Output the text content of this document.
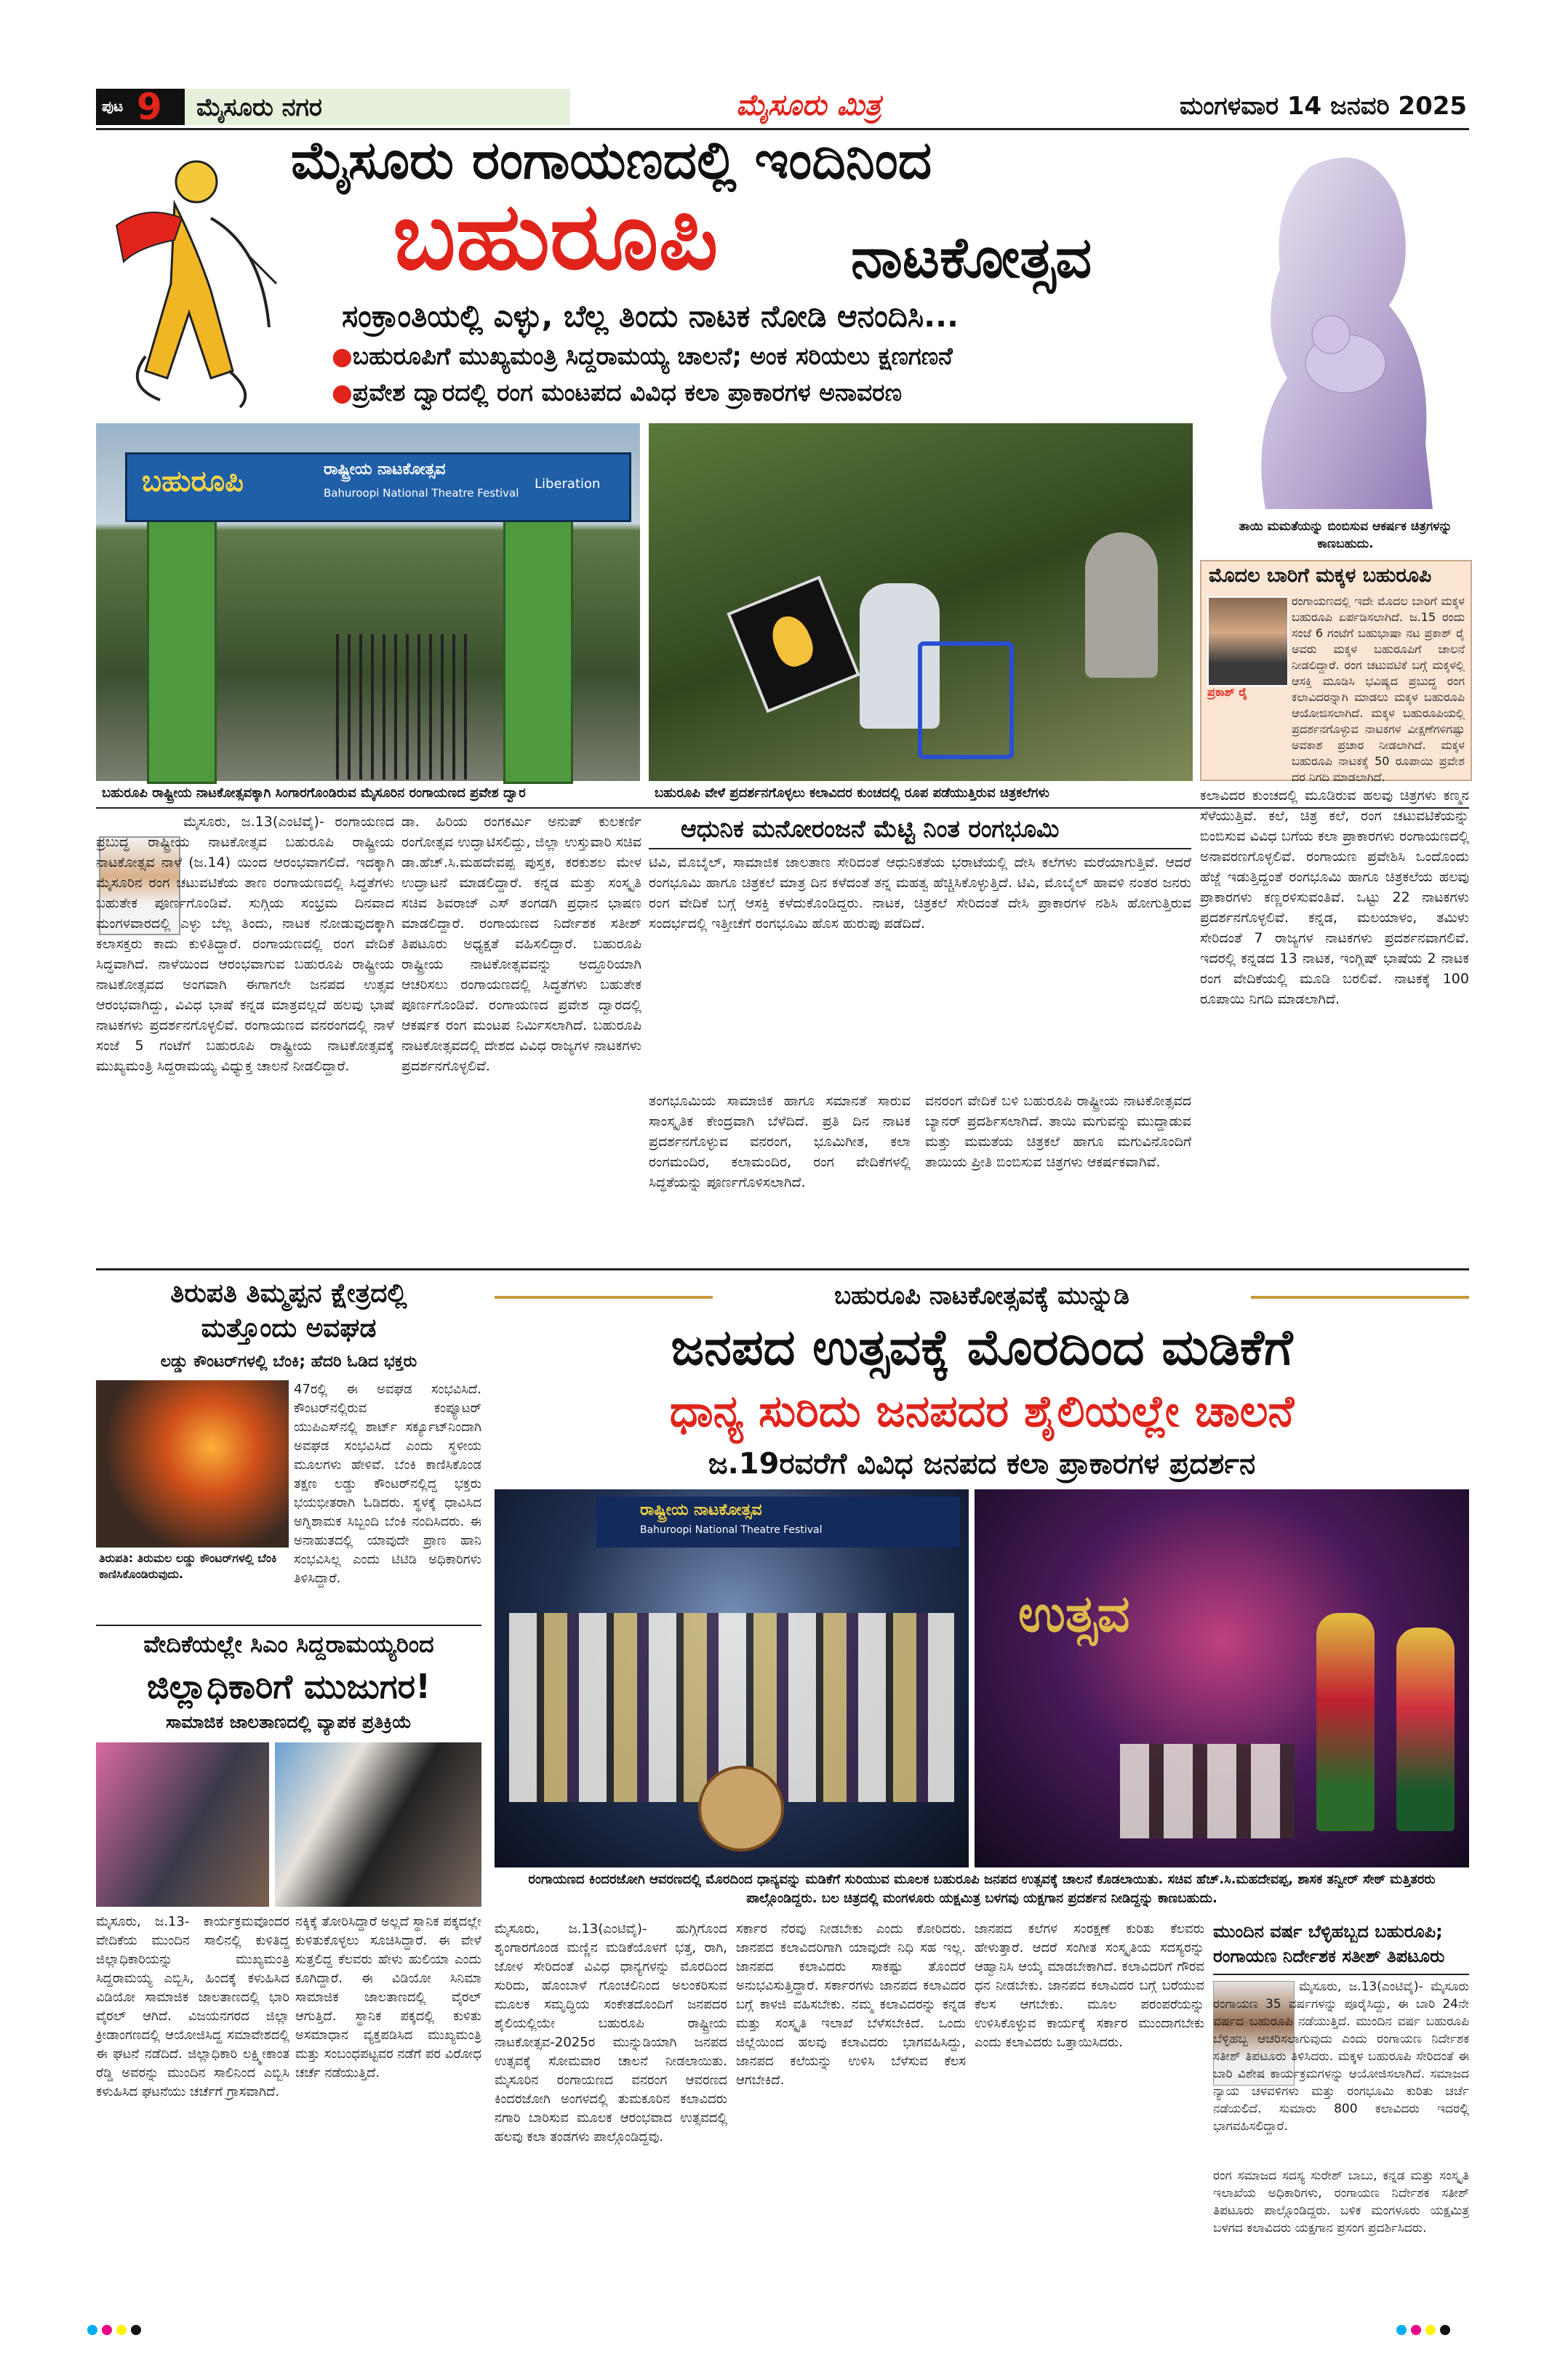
ಪುಟ 9 ಮೈಸೂರು ನಗರ	ಮೈಸೂರು ಮಿತ್ರ	ಮಂಗಳವಾರ 14 ಜನವರಿ 2025
ಮೈಸೂರು ರಂಗಾಯಣದಲ್ಲಿ ಇಂದಿನಿಂದ
ಬಹುರೂಪಿ ನಾಟಕೋತ್ಸವ
ಸಂಕ್ರಾಂತಿಯಲ್ಲಿ ಎಳ್ಳು, ಬೆಲ್ಲ ತಿಂದು ನಾಟಕ ನೋಡಿ ಆನಂದಿಸಿ...
●ಬಹುರೂಪಿಗೆ ಮುಖ್ಯಮಂತ್ರಿ ಸಿದ್ದರಾಮಯ್ಯ ಚಾಲನೆ; ಅಂಕ ಸರಿಯಲು ಕ್ಷಣಗಣನೆ
●ಪ್ರವೇಶ ದ್ವಾರದಲ್ಲಿ ರಂಗ ಮಂಟಪದ ವಿವಿಧ ಕಲಾ ಪ್ರಾಕಾರಗಳ ಅನಾವರಣ
ತಾಯಿ ಮಮತೆಯನ್ನು ಬಿಂಬಿಸುವ ಆಕರ್ಷಕ ಚಿತ್ರಗಳನ್ನು ಕಾಣಬಹುದು.
ಬಹುರೂಪಿ	ರಾಷ್ಟ್ರೀಯ ನಾಟಕೋತ್ಸವ
Bahuroopi National Theatre Festival
Liberation
ಬಹುರೂಪಿ ರಾಷ್ಟ್ರೀಯ ನಾಟಕೋತ್ಸವಕ್ಕಾಗಿ ಸಿಂಗಾರಗೊಂಡಿರುವ ಮೈಸೂರಿನ ರಂಗಾಯಣದ ಪ್ರವೇಶ ದ್ವಾರ	ಬಹುರೂಪಿ ವೇಳೆ ಪ್ರದರ್ಶನಗೊಳ್ಳಲು ಕಲಾವಿದರ ಕುಂಚದಲ್ಲಿ ರೂಪ ಪಡೆಯುತ್ತಿರುವ ಚಿತ್ರಕಲೆಗಳು
ಮೊದಲ ಬಾರಿಗೆ ಮಕ್ಕಳ ಬಹುರೂಪಿ
ಪ್ರಕಾಶ್ ರೈ
ರಂಗಾಯಣದಲ್ಲಿ ಇದೇ ಮೊದಲ ಬಾರಿಗೆ ಮಕ್ಕಳ ಬಹುರೂಪಿ ಏರ್ಪಡಿಸಲಾಗಿದೆ. ಜ.15 ರಂದು ಸಂಜೆ 6 ಗಂಟೆಗೆ ಬಹುಭಾಷಾ ನಟ ಪ್ರಕಾಶ್ ರೈ ಅವರು ಮಕ್ಕಳ ಬಹುರೂಪಿಗೆ ಚಾಲನೆ ನೀಡಲಿದ್ದಾರೆ. ರಂಗ ಚಟುವಟಿಕೆ ಬಗ್ಗೆ ಮಕ್ಕಳಲ್ಲಿ ಆಸಕ್ತಿ ಮೂಡಿಸಿ ಭವಿಷ್ಯದ ಪ್ರಬುದ್ಧ ರಂಗ ಕಲಾವಿದರನ್ನಾಗಿ ಮಾಡಲು ಮಕ್ಕಳ ಬಹುರೂಪಿ ಆಯೋಜಿಸಲಾಗಿದೆ. ಮಕ್ಕಳ ಬಹುರೂಪಿಯಲ್ಲಿ ಪ್ರದರ್ಶನಗೊಳ್ಳುವ ನಾಟಕಗಳ ವೀಕ್ಷಣೆಗಳಿಗಷ್ಟು ಅವಕಾಶ ಪ್ರಚಾರ ನೀಡಲಾಗಿದೆ. ಮಕ್ಕಳ ಬಹುರೂಪಿ ನಾಟಕಕ್ಕೆ 50 ರೂಪಾಯಿ ಪ್ರವೇಶ ದರ ನಿಗದಿ ಮಾಡಲಾಗಿದೆ.
ಮೈಸೂರು, ಜ.13(ಎಂಟಿವೈ)- ರಂಗಾಯಣದ ಪ್ರಬುದ್ಧ ರಾಷ್ಟ್ರೀಯ ನಾಟಕೋತ್ಸವ ಬಹುರೂಪಿ ರಾಷ್ಟ್ರೀಯ ನಾಟಕೋತ್ಸವ ನಾಳೆ (ಜ.14) ಯಿಂದ ಆರಂಭವಾಗಲಿದೆ. ಇದಕ್ಕಾಗಿ ಮೈಸೂರಿನ ರಂಗ ಚಟುವಟಿಕೆಯ ತಾಣ ರಂಗಾಯಣದಲ್ಲಿ ಸಿದ್ಧತೆಗಳು ಬಹುತೇಕ ಪೂರ್ಣಗೊಂಡಿವೆ. ಸುಗ್ಗಿಯ ಸಂಭ್ರಮ ದಿನವಾದ ಮಂಗಳವಾರದಲ್ಲಿ ಎಳ್ಳು ಬೆಲ್ಲ ತಿಂದು, ನಾಟಕ ನೋಡುವುದಕ್ಕಾಗಿ ಕಲಾಸಕ್ತರು ಕಾದು ಕುಳಿತಿದ್ದಾರೆ. ರಂಗಾಯಣದಲ್ಲಿ ರಂಗ ವೇದಿಕೆ ಸಿದ್ಧವಾಗಿದೆ. ನಾಳೆಯಿಂದ ಆರಂಭವಾಗುವ ಬಹುರೂಪಿ ರಾಷ್ಟ್ರೀಯ ನಾಟಕೋತ್ಸವದ ಅಂಗವಾಗಿ ಈಗಾಗಲೇ ಜನಪದ ಉತ್ಸವ ಆರಂಭವಾಗಿದ್ದು, ವಿವಿಧ ಭಾಷೆ ಕನ್ನಡ ಮಾತ್ರವಲ್ಲದೆ ಹಲವು ಭಾಷೆ ನಾಟಕಗಳು ಪ್ರದರ್ಶನಗೊಳ್ಳಲಿವೆ. ರಂಗಾಯಣದ ವನರಂಗದಲ್ಲಿ ನಾಳೆ ಸಂಜೆ 5 ಗಂಟೆಗೆ ಬಹುರೂಪಿ ರಾಷ್ಟ್ರೀಯ ನಾಟಕೋತ್ಸವಕ್ಕೆ ಮುಖ್ಯಮಂತ್ರಿ ಸಿದ್ದರಾಮಯ್ಯ ವಿಧ್ಯುಕ್ತ ಚಾಲನೆ ನೀಡಲಿದ್ದಾರೆ.
ಡಾ. ಹಿರಿಯ ರಂಗಕರ್ಮಿ ಅನುಪ್ ಕುಲಕರ್ಣಿ ರಂಗೋತ್ಸವ ಉದ್ಘಾಟಿಸಲಿದ್ದು, ಜಿಲ್ಲಾ ಉಸ್ತುವಾರಿ ಸಚಿವ ಡಾ.ಹೆಚ್.ಸಿ.ಮಹದೇವಪ್ಪ ಪುಸ್ತಕ, ಕರಕುಶಲ ಮೇಳ ಉದ್ಘಾಟನೆ ಮಾಡಲಿದ್ದಾರೆ. ಕನ್ನಡ ಮತ್ತು ಸಂಸ್ಕೃತಿ ಸಚಿವ ಶಿವರಾಜ್ ಎಸ್ ತಂಗಡಗಿ ಪ್ರಧಾನ ಭಾಷಣ ಮಾಡಲಿದ್ದಾರೆ. ರಂಗಾಯಣದ ನಿರ್ದೇಶಕ ಸತೀಶ್ ತಿಪಟೂರು ಅಧ್ಯಕ್ಷತೆ ವಹಿಸಲಿದ್ದಾರೆ. ಬಹುರೂಪಿ ರಾಷ್ಟ್ರೀಯ ನಾಟಕೋತ್ಸವವನ್ನು ಅದ್ದೂರಿಯಾಗಿ ಆಚರಿಸಲು ರಂಗಾಯಣದಲ್ಲಿ ಸಿದ್ಧತೆಗಳು ಬಹುತೇಕ ಪೂರ್ಣಗೊಂಡಿವೆ. ರಂಗಾಯಣದ ಪ್ರವೇಶ ದ್ವಾರದಲ್ಲಿ ಆಕರ್ಷಕ ರಂಗ ಮಂಟಪ ನಿರ್ಮಿಸಲಾಗಿದೆ. ಬಹುರೂಪಿ ನಾಟಕೋತ್ಸವದಲ್ಲಿ ದೇಶದ ವಿವಿಧ ರಾಜ್ಯಗಳ ನಾಟಕಗಳು ಪ್ರದರ್ಶನಗೊಳ್ಳಲಿವೆ.
ಆಧುನಿಕ ಮನೋರಂಜನೆ ಮೆಟ್ಟಿ ನಿಂತ ರಂಗಭೂಮಿ
ಟಿವಿ, ಮೊಬೈಲ್, ಸಾಮಾಜಿಕ ಜಾಲತಾಣ ಸೇರಿದಂತೆ ಆಧುನಿಕತೆಯ ಭರಾಟೆಯಲ್ಲಿ ದೇಸಿ ಕಲೆಗಳು ಮರೆಯಾಗುತ್ತಿವೆ. ಆದರೆ ರಂಗಭೂಮಿ ಹಾಗೂ ಚಿತ್ರಕಲೆ ಮಾತ್ರ ದಿನ ಕಳೆದಂತೆ ತನ್ನ ಮಹತ್ವ ಹೆಚ್ಚಿಸಿಕೊಳ್ಳುತ್ತಿದೆ. ಟಿವಿ, ಮೊಬೈಲ್ ಹಾವಳಿ ನಂತರ ಜನರು ರಂಗ ವೇದಿಕೆ ಬಗ್ಗೆ ಆಸಕ್ತಿ ಕಳೆದುಕೊಂಡಿದ್ದರು. ನಾಟಕ, ಚಿತ್ರಕಲೆ ಸೇರಿದಂತೆ ದೇಸಿ ಪ್ರಾಕಾರಗಳ ನಶಿಸಿ ಹೋಗುತ್ತಿರುವ ಸಂದರ್ಭದಲ್ಲಿ ಇತ್ತೀಚೆಗೆ ರಂಗಭೂಮಿ ಹೊಸ ಹುರುಪು ಪಡೆದಿದೆ.
ತಂಗಭೂಮಿಯ ಸಾಮಾಜಿಕ ಹಾಗೂ ಸಮಾನತೆ ಸಾರುವ ಸಾಂಸ್ಕೃತಿಕ ಕೇಂದ್ರವಾಗಿ ಬೆಳೆದಿದೆ. ಪ್ರತಿ ದಿನ ನಾಟಕ ಪ್ರದರ್ಶನಗೊಳ್ಳುವ ವನರಂಗ, ಭೂಮಿಗೀತ, ಕಲಾ ರಂಗಮಂದಿರ, ಕಲಾಮಂದಿರ, ರಂಗ ವೇದಿಕೆಗಳಲ್ಲಿ ಸಿದ್ಧತೆಯನ್ನು ಪೂರ್ಣಗೊಳಿಸಲಾಗಿದೆ.
ವನರಂಗ ವೇದಿಕೆ ಬಳಿ ಬಹುರೂಪಿ ರಾಷ್ಟ್ರೀಯ ನಾಟಕೋತ್ಸವದ ಬ್ಯಾನರ್ ಪ್ರದರ್ಶಿಸಲಾಗಿದೆ. ತಾಯಿ ಮಗುವನ್ನು ಮುದ್ದಾಡುವ ಮತ್ತು ಮಮತೆಯ ಚಿತ್ರಕಲೆ ಹಾಗೂ ಮಗುವಿನೊಂದಿಗೆ ತಾಯಿಯ ಪ್ರೀತಿ ಬಿಂಬಿಸುವ ಚಿತ್ರಗಳು ಆಕರ್ಷಕವಾಗಿವೆ.
ಕಲಾವಿದರ ಕುಂಚದಲ್ಲಿ ಮೂಡಿರುವ ಹಲವು ಚಿತ್ರಗಳು ಕಣ್ಮನ ಸೆಳೆಯುತ್ತಿವೆ. ಕಲೆ, ಚಿತ್ರ ಕಲೆ, ರಂಗ ಚಟುವಟಿಕೆಯನ್ನು ಬಿಂಬಿಸುವ ವಿವಿಧ ಬಗೆಯ ಕಲಾ ಪ್ರಾಕಾರಗಳು ರಂಗಾಯಣದಲ್ಲಿ ಅನಾವರಣಗೊಳ್ಳಲಿವೆ. ರಂಗಾಯಣ ಪ್ರವೇಶಿಸಿ ಒಂದೊಂದು ಹೆಜ್ಜೆ ಇಡುತ್ತಿದ್ದಂತೆ ರಂಗಭೂಮಿ ಹಾಗೂ ಚಿತ್ರಕಲೆಯ ಹಲವು ಪ್ರಾಕಾರಗಳು ಕಣ್ಣರಳಿಸುವಂತಿವೆ. ಒಟ್ಟು 22 ನಾಟಕಗಳು ಪ್ರದರ್ಶನಗೊಳ್ಳಲಿವೆ. ಕನ್ನಡ, ಮಲಯಾಳಂ, ತಮಿಳು ಸೇರಿದಂತೆ 7 ರಾಜ್ಯಗಳ ನಾಟಕಗಳು ಪ್ರದರ್ಶನವಾಗಲಿವೆ. ಇದರಲ್ಲಿ ಕನ್ನಡದ 13 ನಾಟಕ, ಇಂಗ್ಲಿಷ್ ಭಾಷೆಯ 2 ನಾಟಕ ರಂಗ ವೇದಿಕೆಯಲ್ಲಿ ಮೂಡಿ ಬರಲಿವೆ. ನಾಟಕಕ್ಕೆ 100 ರೂಪಾಯಿ ನಿಗದಿ ಮಾಡಲಾಗಿದೆ.
ತಿರುಪತಿ ತಿಮ್ಮಪ್ಪನ ಕ್ಷೇತ್ರದಲ್ಲಿ
ಮತ್ತೊಂದು ಅವಘಡ
ಲಡ್ಡು ಕೌಂಟರ್‌ಗಳಲ್ಲಿ ಬೆಂಕಿ; ಹೆದರಿ ಓಡಿದ ಭಕ್ತರು
ತಿರುಪತಿ: ತಿರುಮಲ ಲಡ್ಡು ಕೌಂಟರ್‌ಗಳಲ್ಲಿ ಬೆಂಕಿ ಕಾಣಿಸಿಕೊಂಡಿರುವುದು.
47ರಲ್ಲಿ ಈ ಅವಘಡ ಸಂಭವಿಸಿದೆ. ಕೌಂಟರ್‌ನಲ್ಲಿರುವ ಕಂಪ್ಯೂಟರ್ ಯುಪಿಎಸ್‌ನಲ್ಲಿ ಶಾರ್ಟ್ ಸರ್ಕ್ಯೂಟ್‌ನಿಂದಾಗಿ ಅವಘಡ ಸಂಭವಿಸಿದೆ ಎಂದು ಸ್ಥಳೀಯ ಮೂಲಗಳು ಹೇಳಿವೆ. ಬೆಂಕಿ ಕಾಣಿಸಿಕೊಂಡ ತಕ್ಷಣ ಲಡ್ಡು ಕೌಂಟರ್‌ನಲ್ಲಿದ್ದ ಭಕ್ತರು ಭಯಭೀತರಾಗಿ ಓಡಿದರು. ಸ್ಥಳಕ್ಕೆ ಧಾವಿಸಿದ ಅಗ್ನಿಶಾಮಕ ಸಿಬ್ಬಂದಿ ಬೆಂಕಿ ನಂದಿಸಿದರು. ಈ ಅನಾಹುತದಲ್ಲಿ ಯಾವುದೇ ಪ್ರಾಣ ಹಾನಿ ಸಂಭವಿಸಿಲ್ಲ ಎಂದು ಟಿಟಿಡಿ ಅಧಿಕಾರಿಗಳು ತಿಳಿಸಿದ್ದಾರೆ.
ವೇದಿಕೆಯಲ್ಲೇ ಸಿಎಂ ಸಿದ್ದರಾಮಯ್ಯರಿಂದ
ಜಿಲ್ಲಾಧಿಕಾರಿಗೆ ಮುಜುಗರ!
ಸಾಮಾಜಿಕ ಜಾಲತಾಣದಲ್ಲಿ ವ್ಯಾಪಕ ಪ್ರತಿಕ್ರಿಯೆ
ಮೈಸೂರು, ಜ.13- ಕಾರ್ಯಕ್ರಮವೊಂದರ ವೇದಿಕೆಯ ಮುಂದಿನ ಸಾಲಿನಲ್ಲಿ ಕುಳಿತಿದ್ದ ಜಿಲ್ಲಾಧಿಕಾರಿಯನ್ನು ಮುಖ್ಯಮಂತ್ರಿ ಸಿದ್ದರಾಮಯ್ಯ ಎಬ್ಬಿಸಿ, ಹಿಂದಕ್ಕೆ ಕಳುಹಿಸಿದ ವಿಡಿಯೋ ಸಾಮಾಜಿಕ ಜಾಲತಾಣದಲ್ಲಿ ಭಾರಿ ವೈರಲ್ ಆಗಿದೆ. ವಿಜಯನಗರದ ಜಿಲ್ಲಾ ಕ್ರೀಡಾಂಗಣದಲ್ಲಿ ಆಯೋಜಿಸಿದ್ದ ಸಮಾವೇಶದಲ್ಲಿ ಈ ಘಟನೆ ನಡೆದಿದೆ. ಜಿಲ್ಲಾಧಿಕಾರಿ ಲಕ್ಷ್ಮೀಕಾಂತ ರೆಡ್ಡಿ ಅವರನ್ನು ಮುಂದಿನ ಸಾಲಿನಿಂದ ಎಬ್ಬಿಸಿ ಕಳುಹಿಸಿದ ಘಟನೆಯು ಚರ್ಚೆಗೆ ಗ್ರಾಸವಾಗಿದೆ.
ನಕ್ಕಿಕ್ಕೆ ತೋರಿಸಿದ್ದಾರೆ ಅಲ್ಲದೆ ಸ್ಥಾನಿಕ ಪಕ್ಕದಲ್ಲೇ ಕುಳಿತುಕೊಳ್ಳಲು ಸೂಚಿಸಿದ್ದಾರೆ. ಈ ವೇಳೆ ಸುತ್ತಲಿದ್ದ ಕೆಲವರು ಹೇಳು ಹುಲಿಯಾ ಎಂದು ಕೂಗಿದ್ದಾರೆ. ಈ ವಿಡಿಯೋ ಸಿನಿಮಾ ಸಾಮಾಜಿಕ ಜಾಲತಾಣದಲ್ಲಿ ವೈರಲ್ ಆಗುತ್ತಿದೆ. ಸ್ಥಾನಿಕ ಪಕ್ಕದಲ್ಲಿ ಕುಳಿತು ಅಸಮಾಧಾನ ವ್ಯಕ್ತಪಡಿಸಿದ ಮುಖ್ಯಮಂತ್ರಿ ಮತ್ತು ಸಂಬಂಧಪಟ್ಟವರ ನಡೆಗೆ ಪರ ವಿರೋಧ ಚರ್ಚೆ ನಡೆಯುತ್ತಿದೆ.
ಬಹುರೂಪಿ ನಾಟಕೋತ್ಸವಕ್ಕೆ ಮುನ್ನುಡಿ
ಜನಪದ ಉತ್ಸವಕ್ಕೆ ಮೊರದಿಂದ ಮಡಿಕೆಗೆ
ಧಾನ್ಯ ಸುರಿದು ಜನಪದರ ಶೈಲಿಯಲ್ಲೇ ಚಾಲನೆ
ಜ.19ರವರೆಗೆ ವಿವಿಧ ಜನಪದ ಕಲಾ ಪ್ರಾಕಾರಗಳ ಪ್ರದರ್ಶನ
ರಾಷ್ಟ್ರೀಯ ನಾಟಕೋತ್ಸವ
Bahuroopi National Theatre Festival
ಉತ್ಸವ
ರಂಗಾಯಣದ ಕಿಂದರಜೋಗಿ ಆವರಣದಲ್ಲಿ ಮೊರದಿಂದ ಧಾನ್ಯವನ್ನು ಮಡಿಕೆಗೆ ಸುರಿಯುವ ಮೂಲಕ ಬಹುರೂಪಿ ಜನಪದ ಉತ್ಸವಕ್ಕೆ ಚಾಲನೆ ಕೊಡಲಾಯಿತು. ಸಚಿವ ಹೆಚ್.ಸಿ.ಮಹದೇವಪ್ಪ, ಶಾಸಕ ತನ್ವೀರ್ ಸೇಠ್ ಮತ್ತಿತರರು ಪಾಲ್ಗೊಂಡಿದ್ದರು. ಬಲ ಚಿತ್ರದಲ್ಲಿ ಮಂಗಳೂರು ಯಕ್ಷಮಿತ್ರ ಬಳಗವು ಯಕ್ಷಗಾನ ಪ್ರದರ್ಶನ ನೀಡಿದ್ದನ್ನು ಕಾಣಬಹುದು.
ಮೈಸೂರು, ಜ.13(ಎಂಟಿವೈ)- ಹುಗ್ಗಿಗೊಂದ ಶೃಂಗಾರಗೊಂಡ ಮಣ್ಣಿನ ಮಡಿಕೆಯೊಳಗೆ ಭತ್ತ, ರಾಗಿ, ಜೋಳ ಸೇರಿದಂತೆ ವಿವಿಧ ಧಾನ್ಯಗಳನ್ನು ಮೊರದಿಂದ ಸುರಿದು, ಹೊಂಬಾಳೆ ಗೊಂಚಲಿನಿಂದ ಅಲಂಕರಿಸುವ ಮೂಲಕ ಸಮೃದ್ಧಿಯ ಸಂಕೇತದೊಂದಿಗೆ ಜನಪದರ ಶೈಲಿಯಲ್ಲಿಯೇ ಬಹುರೂಪಿ ರಾಷ್ಟ್ರೀಯ ನಾಟಕೋತ್ಸವ-2025ರ ಮುನ್ನುಡಿಯಾಗಿ ಜನಪದ ಉತ್ಸವಕ್ಕೆ ಸೋಮವಾರ ಚಾಲನೆ ನೀಡಲಾಯಿತು. ಮೈಸೂರಿನ ರಂಗಾಯಣದ ವನರಂಗ ಆವರಣದ ಕಿಂದರಜೋಗಿ ಅಂಗಳದಲ್ಲಿ ತುಮಕೂರಿನ ಕಲಾವಿದರು ನಗಾರಿ ಬಾರಿಸುವ ಮೂಲಕ ಆರಂಭವಾದ ಉತ್ಸವದಲ್ಲಿ ಹಲವು ಕಲಾ ತಂಡಗಳು ಪಾಲ್ಗೊಂಡಿದ್ದವು.
ಸರ್ಕಾರ ನೆರವು ನೀಡಬೇಕು ಎಂದು ಕೋರಿದರು. ಜಾನಪದ ಕಲಾವಿದರಿಗಾಗಿ ಯಾವುದೇ ನಿಧಿ ಸಹ ಇಲ್ಲ. ಜಾನಪದ ಕಲಾವಿದರು ಸಾಕಷ್ಟು ತೊಂದರೆ ಅನುಭವಿಸುತ್ತಿದ್ದಾರೆ. ಸರ್ಕಾರಗಳು ಜಾನಪದ ಕಲಾವಿದರ ಬಗ್ಗೆ ಕಾಳಜಿ ವಹಿಸಬೇಕು. ನಮ್ಮ ಕಲಾವಿದರನ್ನು ಕನ್ನಡ ಮತ್ತು ಸಂಸ್ಕೃತಿ ಇಲಾಖೆ ಬೆಳೆಸಬೇಕಿದೆ. ಒಂದು ಜಿಲ್ಲೆಯಿಂದ ಹಲವು ಕಲಾವಿದರು ಭಾಗವಹಿಸಿದ್ದು, ಜಾನಪದ ಕಲೆಯನ್ನು ಉಳಿಸಿ ಬೆಳೆಸುವ ಕೆಲಸ ಆಗಬೇಕಿದೆ.
ಜಾನಪದ ಕಲೆಗಳ ಸಂರಕ್ಷಣೆ ಕುರಿತು ಕೆಲವರು ಹೇಳುತ್ತಾರೆ. ಆದರೆ ಸಂಗೀತ ಸಂಸ್ಕೃತಿಯ ಸದಸ್ಯರನ್ನು ಆಹ್ವಾನಿಸಿ ಆಯ್ಕೆ ಮಾಡಬೇಕಾಗಿದೆ. ಕಲಾವಿದರಿಗೆ ಗೌರವ ಧನ ನೀಡಬೇಕು. ಜಾನಪದ ಕಲಾವಿದರ ಬಗ್ಗೆ ಬರೆಯುವ ಕೆಲಸ ಆಗಬೇಕು. ಮೂಲ ಪರಂಪರೆಯನ್ನು ಉಳಿಸಿಕೊಳ್ಳುವ ಕಾರ್ಯಕ್ಕೆ ಸರ್ಕಾರ ಮುಂದಾಗಬೇಕು ಎಂದು ಕಲಾವಿದರು ಒತ್ತಾಯಿಸಿದರು.
ಮುಂದಿನ ವರ್ಷ ಬೆಳ್ಳಿಹಬ್ಬದ ಬಹುರೂಪಿ;
ರಂಗಾಯಣ ನಿರ್ದೇಶಕ ಸತೀಶ್ ತಿಪಟೂರು
ಮೈಸೂರು, ಜ.13(ಎಂಟಿವೈ)- ಮೈಸೂರು ರಂಗಾಯಣ 35 ವರ್ಷಗಳನ್ನು ಪೂರೈಸಿದ್ದು, ಈ ಬಾರಿ 24ನೇ ವರ್ಷದ ಬಹುರೂಪಿ ನಡೆಯುತ್ತಿದೆ. ಮುಂದಿನ ವರ್ಷ ಬಹುರೂಪಿ ಬೆಳ್ಳಿಹಬ್ಬ ಆಚರಿಸಲಾಗುವುದು ಎಂದು ರಂಗಾಯಣ ನಿರ್ದೇಶಕ ಸತೀಶ್ ತಿಪಟೂರು ತಿಳಿಸಿದರು. ಮಕ್ಕಳ ಬಹುರೂಪಿ ಸೇರಿದಂತೆ ಈ ಬಾರಿ ವಿಶೇಷ ಕಾರ್ಯಕ್ರಮಗಳನ್ನು ಆಯೋಜಿಸಲಾಗಿದೆ. ಸಮಾಜದ ನ್ಯಾಯ ಚಳವಳಿಗಳು ಮತ್ತು ರಂಗಭೂಮಿ ಕುರಿತು ಚರ್ಚೆ ನಡೆಯಲಿದೆ. ಸುಮಾರು 800 ಕಲಾವಿದರು ಇದರಲ್ಲಿ ಭಾಗವಹಿಸಲಿದ್ದಾರೆ.
ರಂಗ ಸಮಾಜದ ಸದಸ್ಯ ಸುರೇಶ್ ಬಾಬು, ಕನ್ನಡ ಮತ್ತು ಸಂಸ್ಕೃತಿ ಇಲಾಖೆಯ ಅಧಿಕಾರಿಗಳು, ರಂಗಾಯಣ ನಿರ್ದೇಶಕ ಸತೀಶ್ ತಿಪಟೂರು ಪಾಲ್ಗೊಂಡಿದ್ದರು. ಬಳಿಕ ಮಂಗಳೂರು ಯಕ್ಷಮಿತ್ರ ಬಳಗದ ಕಲಾವಿದರು ಯಕ್ಷಗಾನ ಪ್ರಸಂಗ ಪ್ರದರ್ಶಿಸಿದರು.
